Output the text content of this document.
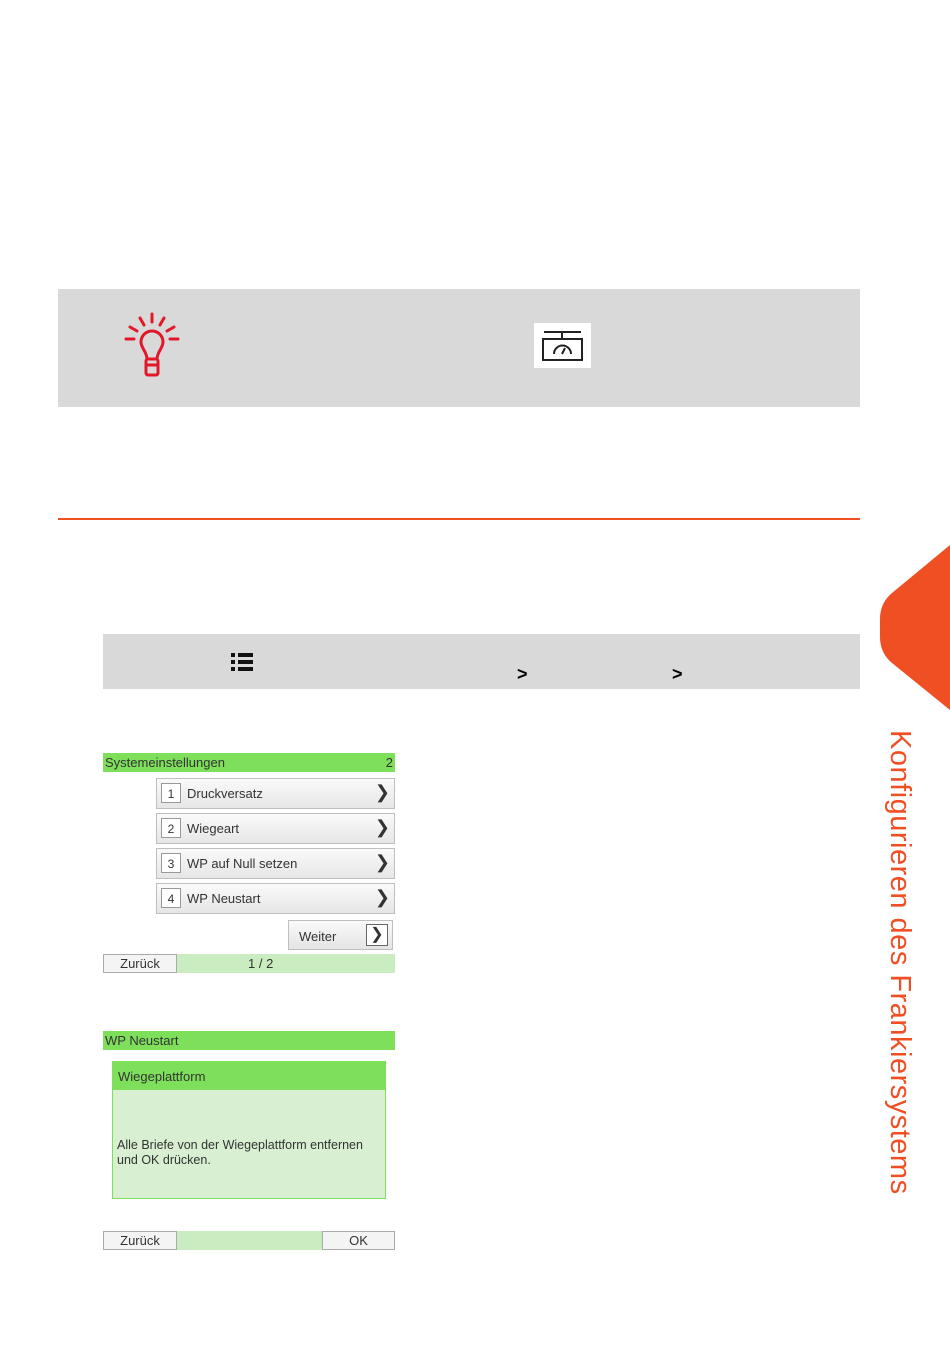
Konfigurieren des Frankiersystems
>	>
Systemeinstellungen	2
1 Druckversatz	❯
2 Wiegeart	❯
3 WP auf Null setzen	❯
4 WP Neustart	❯
Weiter ❯
Zurück	1 / 2
WP Neustart
Wiegeplattform
Alle Briefe von der Wiegeplattform entfernen
und OK drücken.
Zurück	OK
